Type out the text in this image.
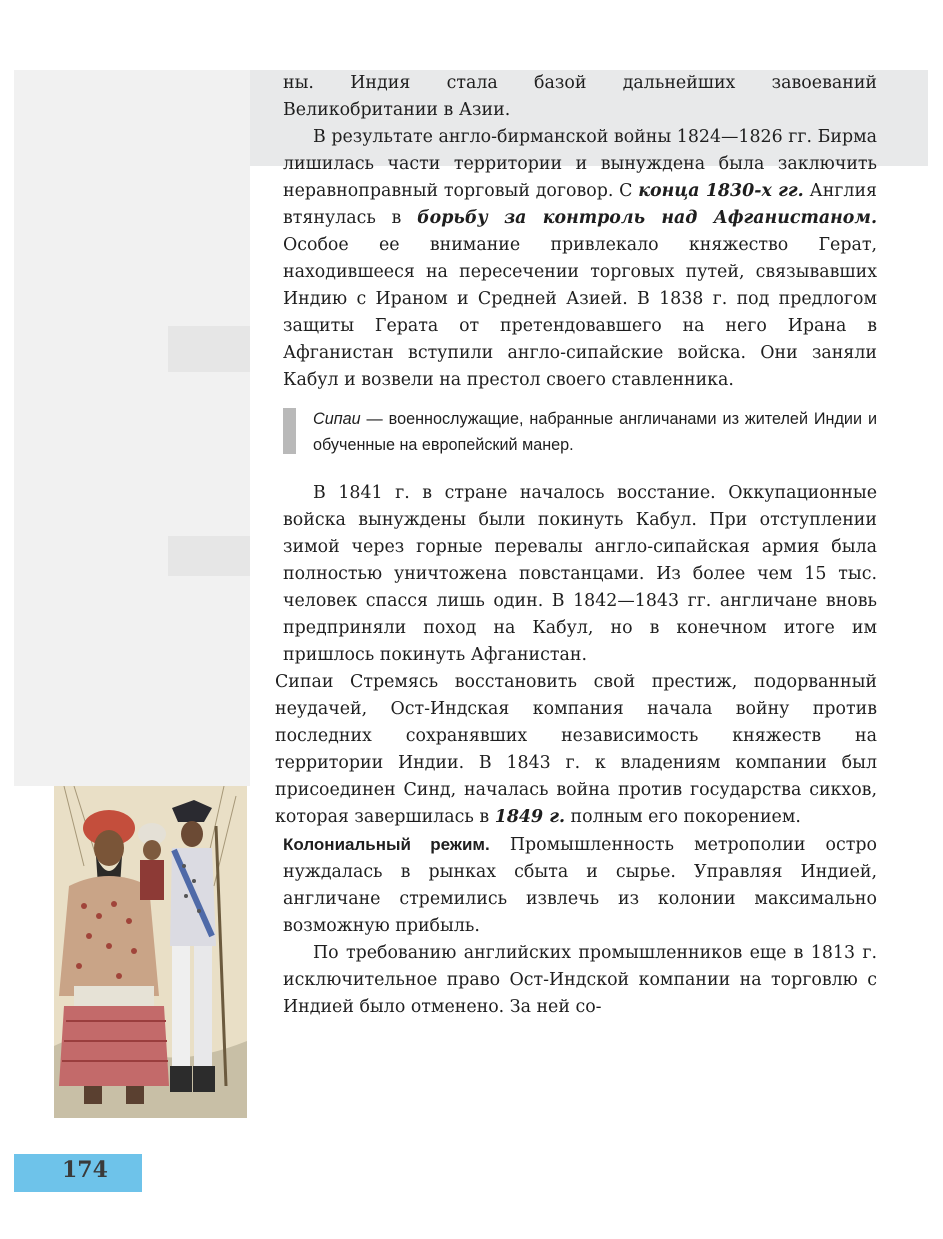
ны. Индия стала базой дальнейших завоеваний Великобритании в Азии.

В результате англо-бирманской войны 1824—1826 гг. Бирма лишилась части территории и вынуждена была заключить неравноправный торговый договор. С конца 1830-х гг. Англия втянулась в борьбу за контроль над Афганистаном. Особое ее внимание привлекало княжество Герат, находившееся на пересечении торговых путей, связывавших Индию с Ираном и Средней Азией. В 1838 г. под предлогом защиты Герата от претендовавшего на него Ирана в Афганистан вступили англо-сипайские войска. Они заняли Кабул и возвели на престол своего ставленника.

Сипаи — военнослужащие, набранные англичанами из жителей Индии и обученные на европейский манер.

В 1841 г. в стране началось восстание. Оккупационные войска вынуждены были покинуть Кабул. При отступлении зимой через горные перевалы англо-сипайская армия была полностью уничтожена повстанцами. Из более чем 15 тыс. человек спасся лишь один. В 1842—1843 гг. англичане вновь предприняли поход на Кабул, но в конечном итоге им пришлось покинуть Афганистан.

Сипаи Стремясь восстановить свой престиж, подорванный неудачей, Ост-Индская компания начала войну против последних сохранявших независимость княжеств на территории Индии. В 1843 г. к владениям компании был присоединен Синд, началась война против государства сикхов, которая завершилась в 1849 г. полным его покорением.

Колониальный режим. Промышленность метрополии остро нуждалась в рынках сбыта и сырье. Управляя Индией, англичане стремились извлечь из колонии максимально возможную прибыль.

По требованию английских промышленников еще в 1813 г. исключительное право Ост-Индской компании на торговлю с Индией было отменено. За ней со-

174
